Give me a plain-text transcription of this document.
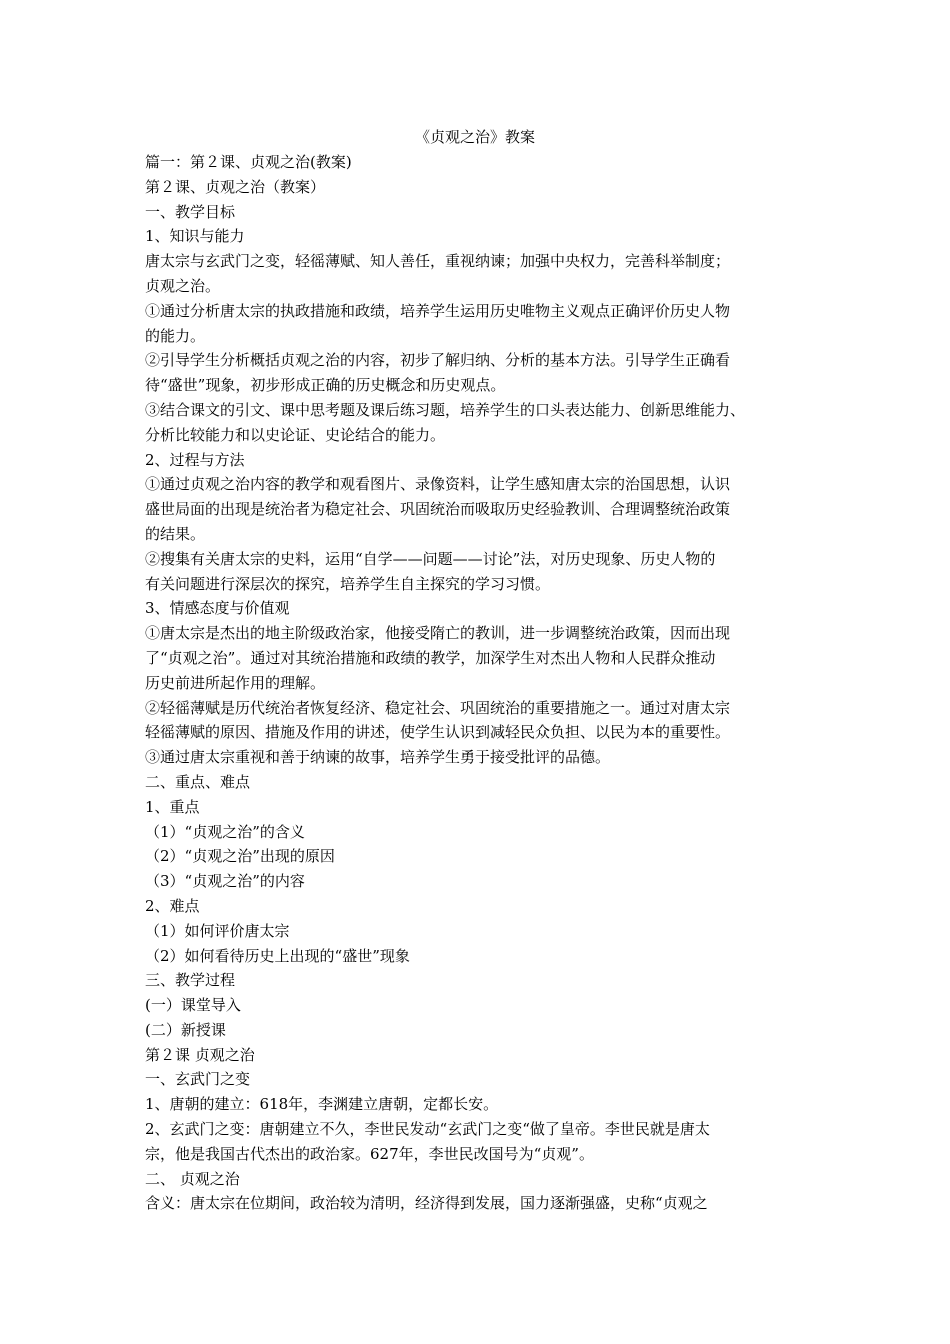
《贞观之治》教案
篇一：第２课、贞观之治(教案)
第２课、贞观之治（教案）
一、教学目标
1、知识与能力
唐太宗与玄武门之变，轻徭薄赋、知人善任，重视纳谏；加强中央权力，完善科举制度；
贞观之治。
①通过分析唐太宗的执政措施和政绩，培养学生运用历史唯物主义观点正确评价历史人物
的能力。
②引导学生分析概括贞观之治的内容，初步了解归纳、分析的基本方法。引导学生正确看
待“盛世”现象，初步形成正确的历史概念和历史观点。
③结合课文的引文、课中思考题及课后练习题，培养学生的口头表达能力、创新思维能力、
分析比较能力和以史论证、史论结合的能力。
2、过程与方法
①通过贞观之治内容的教学和观看图片、录像资料，让学生感知唐太宗的治国思想，认识
盛世局面的出现是统治者为稳定社会、巩固统治而吸取历史经验教训、合理调整统治政策
的结果。
②搜集有关唐太宗的史料，运用“自学——问题——讨论”法，对历史现象、历史人物的
有关问题进行深层次的探究，培养学生自主探究的学习习惯。
3、情感态度与价值观
①唐太宗是杰出的地主阶级政治家，他接受隋亡的教训，进一步调整统治政策，因而出现
了“贞观之治”。通过对其统治措施和政绩的教学，加深学生对杰出人物和人民群众推动
历史前进所起作用的理解。
②轻徭薄赋是历代统治者恢复经济、稳定社会、巩固统治的重要措施之一。通过对唐太宗
轻徭薄赋的原因、措施及作用的讲述，使学生认识到减轻民众负担、以民为本的重要性。
③通过唐太宗重视和善于纳谏的故事，培养学生勇于接受批评的品德。
二、重点、难点
1、重点
（1）“贞观之治”的含义
（2）“贞观之治”出现的原因
（3）“贞观之治”的内容
2、难点
（1）如何评价唐太宗
（2）如何看待历史上出现的“盛世”现象
三、教学过程
(一）课堂导入
(二）新授课
第２课 贞观之治
一、玄武门之变
1、唐朝的建立：618年，李渊建立唐朝，定都长安。
2、玄武门之变：唐朝建立不久，李世民发动“玄武门之变“做了皇帝。李世民就是唐太
宗，他是我国古代杰出的政治家。627年，李世民改国号为“贞观”。
二、 贞观之治
含义：唐太宗在位期间，政治较为清明，经济得到发展，国力逐渐强盛，史称“贞观之
